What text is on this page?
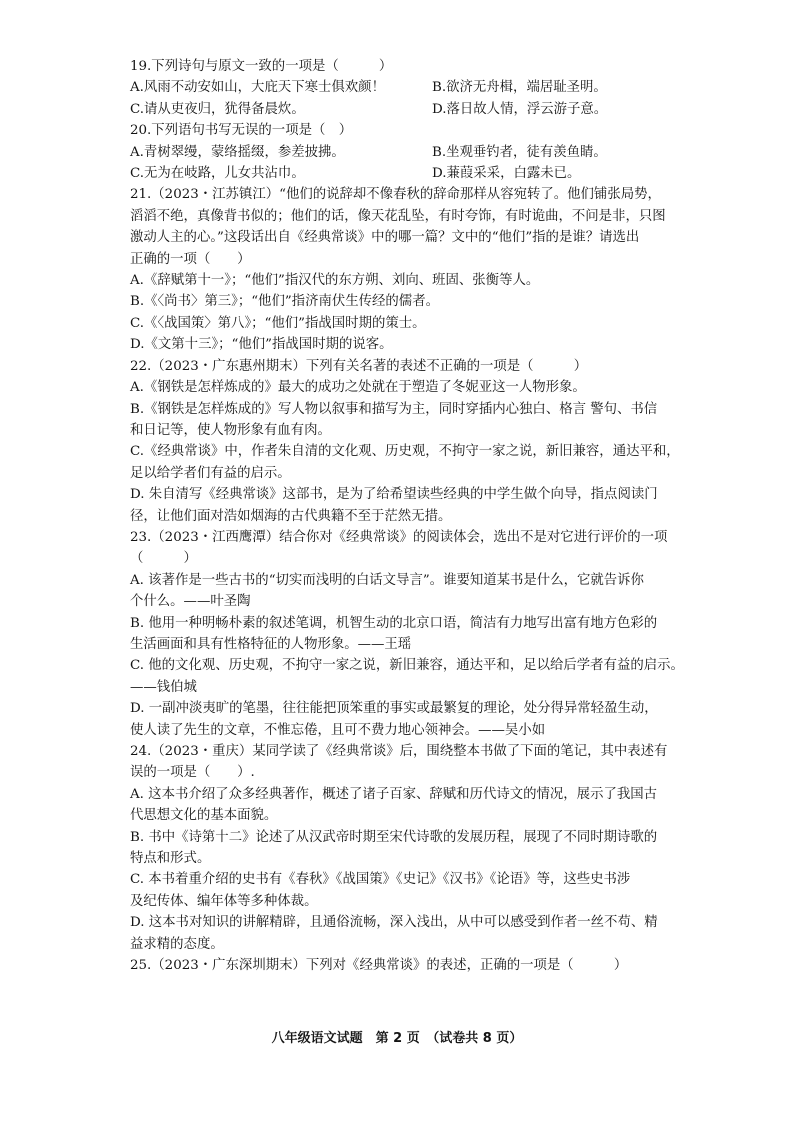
19.下列诗句与原文一致的一项是（　　　）
A.风雨不动安如山，大庇天下寒士俱欢颜！	B.欲济无舟楫，端居耻圣明。
C.请从吏夜归，犹得备晨炊。	D.落日故人情，浮云游子意。
20.下列语句书写无误的一项是（　）
A.青树翠缦，蒙络摇缀，参差披拂。	B.坐观垂钓者，徒有羡鱼睛。
C.无为在岐路，儿女共沾巾。	D.蒹葭采采，白露未已。
21.（2023・江苏镇江）“他们的说辞却不像春秋的辞命那样从容宛转了。他们铺张局势，
滔滔不绝，真像背书似的；他们的话，像天花乱坠，有时夸饰，有时诡曲，不问是非，只图
激动人主的心。”这段话出自《经典常谈》中的哪一篇？文中的“他们”指的是谁？请选出
正确的一项（　　）
A.《辞赋第十一》；“他们”指汉代的东方朔、刘向、班固、张衡等人。
B.《〈尚书〉第三》；“他们”指济南伏生传经的儒者。
C.《〈战国策〉第八》；“他们”指战国时期的策士。
D.《文第十三》；“他们”指战国时期的说客。
22.（2023・广东惠州期末）下列有关名著的表述不正确的一项是（　　　）
A.《钢铁是怎样炼成的》最大的成功之处就在于塑造了冬妮亚这一人物形象。
B.《钢铁是怎样炼成的》写人物以叙事和描写为主，同时穿插内心独白、格言 警句、书信
和日记等，使人物形象有血有肉。
C.《经典常谈》中，作者朱自清的文化观、历史观，不拘守一家之说，新旧兼容，通达平和，
足以给学者们有益的启示。
D. 朱自清写《经典常谈》这部书，是为了给希望读些经典的中学生做个向导，指点阅读门
径，让他们面对浩如烟海的古代典籍不至于茫然无措。
23.（2023・江西鹰潭）结合你对《经典常谈》的阅读体会，选出不是对它进行评价的一项
（　　　）
A. 该著作是一些古书的“切实而浅明的白话文导言”。谁要知道某书是什么，它就告诉你
个什么。——叶圣陶
B. 他用一种明畅朴素的叙述笔调，机智生动的北京口语，简洁有力地写出富有地方色彩的
生活画面和具有性格特征的人物形象。——王瑶
C. 他的文化观、历史观，不拘守一家之说，新旧兼容，通达平和，足以给后学者有益的启示。
——钱伯城
D. 一副冲淡夷旷的笔墨，往往能把顶笨重的事实或最繁复的理论，处分得异常轻盈生动，
使人读了先生的文章，不惟忘倦，且可不费力地心领神会。——吴小如
24.（2023・重庆）某同学读了《经典常谈》后，围绕整本书做了下面的笔记，其中表述有
误的一项是（　　）.
A. 这本书介绍了众多经典著作，概述了诸子百家、辞赋和历代诗文的情况，展示了我国古
代思想文化的基本面貌。
B. 书中《诗第十二》论述了从汉武帝时期至宋代诗歌的发展历程，展现了不同时期诗歌的
特点和形式。
C. 本书着重介绍的史书有《春秋》《战国策》《史记》《汉书》《论语》等，这些史书涉
及纪传体、编年体等多种体裁。
D. 这本书对知识的讲解精辟，且通俗流畅，深入浅出，从中可以感受到作者一丝不苟、精
益求精的态度。
25.（2023・广东深圳期末）下列对《经典常谈》的表述，正确的一项是（　　　）
八年级语文试题　第 2 页　（试卷共 8 页）
